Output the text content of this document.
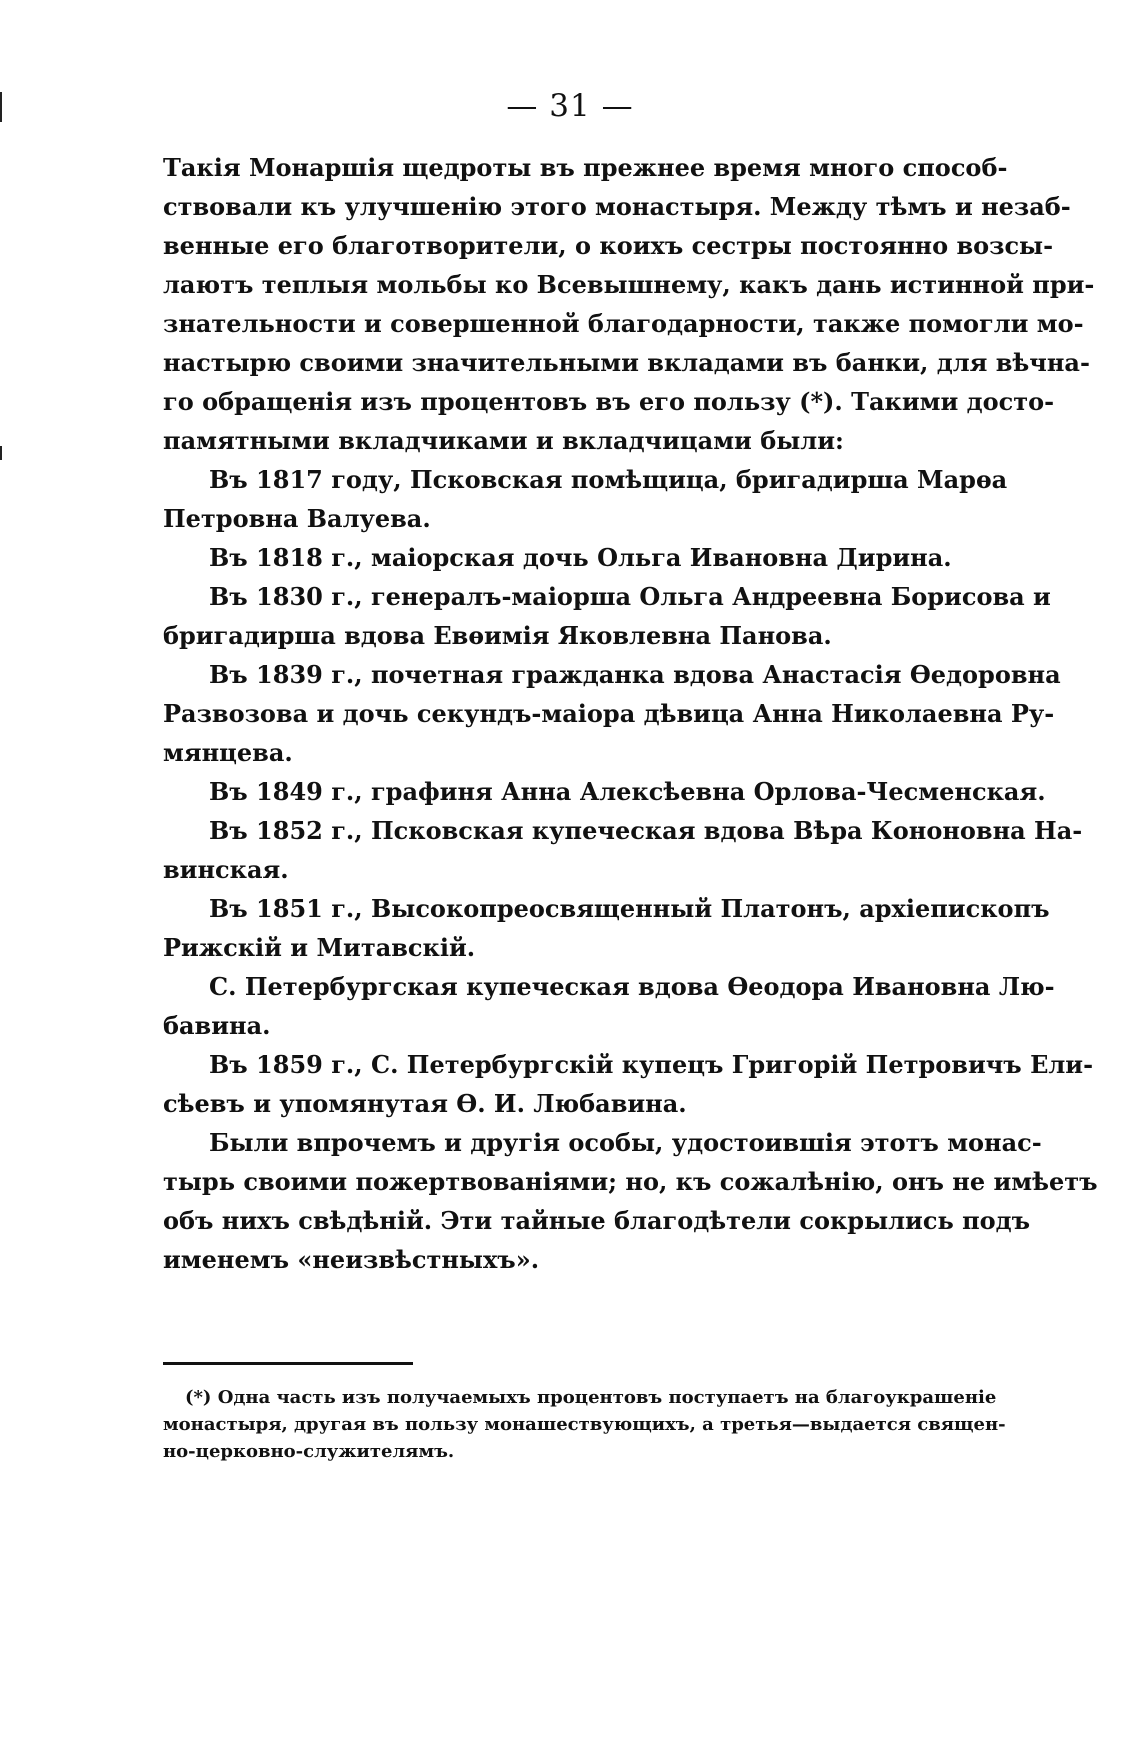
— 31 —
Такія Монаршія щедроты въ прежнее время много способ-
ствовали къ улучшенію этого монастыря. Между тѣмъ и незаб-
венные его благотворители, о коихъ сестры постоянно возсы-
лаютъ теплыя мольбы ко Всевышнему, какъ дань истинной при-
знательности и совершенной благодарности, также помогли мо-
настырю своими значительными вкладами въ банки, для вѣчна-
го обращенія изъ процентовъ въ его пользу (*). Такими досто-
памятными вкладчиками и вкладчицами были:
Въ 1817 году, Псковская помѣщица, бригадирша Марѳа
Петровна Валуева.
Въ 1818 г., маіорская дочь Ольга Ивановна Дирина.
Въ 1830 г., генералъ-маіорша Ольга Андреевна Борисова и
бригадирша вдова Евѳимія Яковлевна Панова.
Въ 1839 г., почетная гражданка вдова Анастасія Ѳедоровна
Развозова и дочь секундъ-маіора дѣвица Анна Николаевна Ру-
мянцева.
Въ 1849 г., графиня Анна Алексѣевна Орлова-Чесменская.
Въ 1852 г., Псковская купеческая вдова Вѣра Кононовна На-
винская.
Въ 1851 г., Высокопреосвященный Платонъ, архіепископъ
Рижскій и Митавскій.
С. Петербургская купеческая вдова Ѳеодора Ивановна Лю-
бавина.
Въ 1859 г., С. Петербургскій купецъ Григорій Петровичъ Ели-
сѣевъ и упомянутая Ѳ. И. Любавина.
Были впрочемъ и другія особы, удостоившія этотъ монас-
тырь своими пожертвованіями; но, къ сожалѣнію, онъ не имѣетъ
объ нихъ свѣдѣній. Эти тайные благодѣтели сокрылись подъ
именемъ «неизвѣстныхъ».
(*) Одна часть изъ получаемыхъ процентовъ поступаетъ на благоукрашеніе
монастыря, другая въ пользу монашествующихъ, а третья—выдается священ-
но-церковно-служителямъ.
